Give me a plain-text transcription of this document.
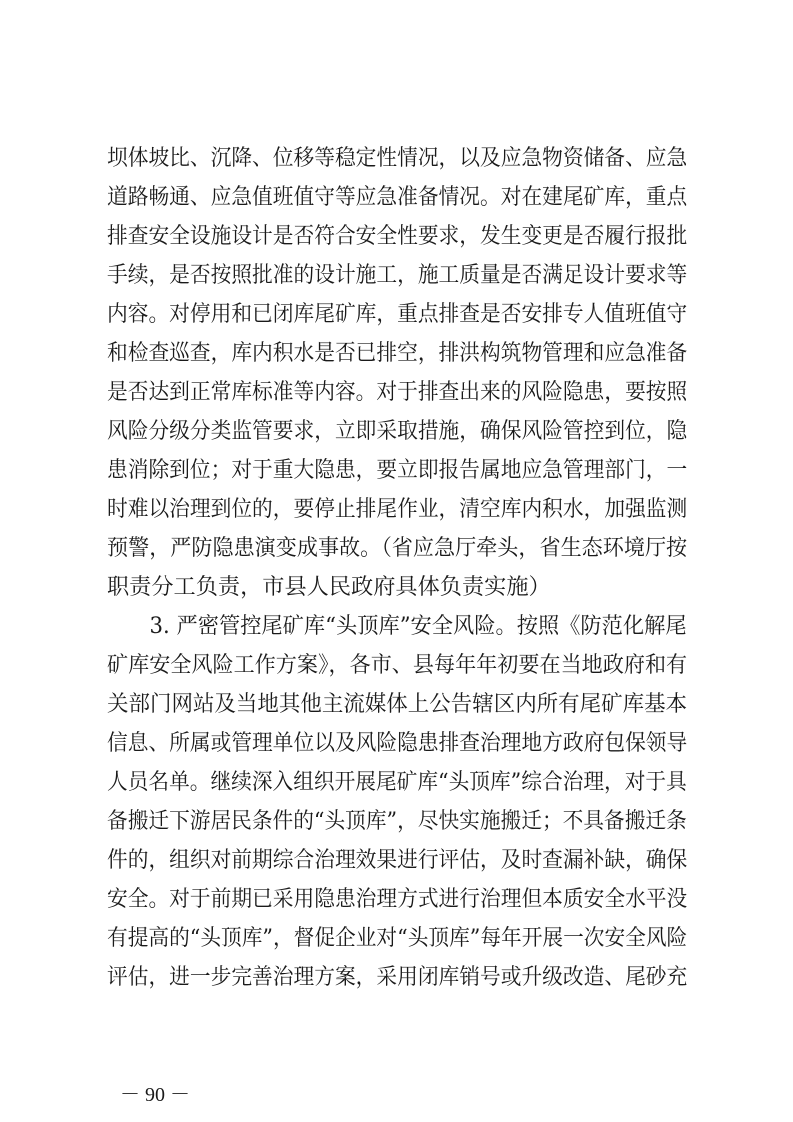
坝体坡比、沉降、位移等稳定性情况，以及应急物资储备、应急
道路畅通、应急值班值守等应急准备情况。对在建尾矿库，重点
排查安全设施设计是否符合安全性要求，发生变更是否履行报批
手续，是否按照批准的设计施工，施工质量是否满足设计要求等
内容。对停用和已闭库尾矿库，重点排查是否安排专人值班值守
和检查巡查，库内积水是否已排空，排洪构筑物管理和应急准备
是否达到正常库标准等内容。对于排查出来的风险隐患，要按照
风险分级分类监管要求，立即采取措施，确保风险管控到位，隐
患消除到位；对于重大隐患，要立即报告属地应急管理部门，一
时难以治理到位的，要停止排尾作业，清空库内积水，加强监测
预警，严防隐患演变成事故。（省应急厅牵头，省生态环境厅按
职责分工负责，市县人民政府具体负责实施）
　　3. 严密管控尾矿库“头顶库”安全风险。按照《防范化解尾
矿库安全风险工作方案》，各市、县每年年初要在当地政府和有
关部门网站及当地其他主流媒体上公告辖区内所有尾矿库基本
信息、所属或管理单位以及风险隐患排查治理地方政府包保领导
人员名单。继续深入组织开展尾矿库“头顶库”综合治理，对于具
备搬迁下游居民条件的“头顶库”，尽快实施搬迁；不具备搬迁条
件的，组织对前期综合治理效果进行评估，及时查漏补缺，确保
安全。对于前期已采用隐患治理方式进行治理但本质安全水平没
有提高的“头顶库”，督促企业对“头顶库”每年开展一次安全风险
评估，进一步完善治理方案，采用闭库销号或升级改造、尾砂充
－ 90 －
